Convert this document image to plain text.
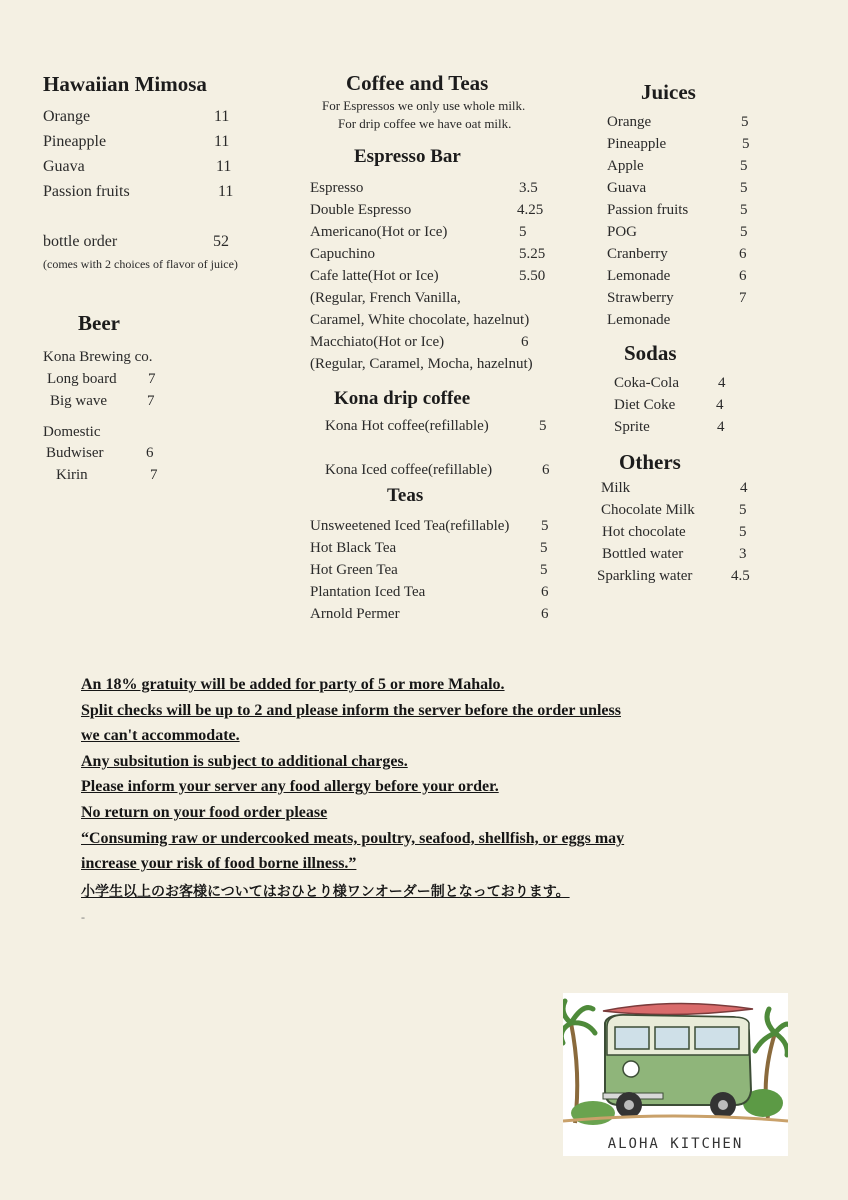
Hawaiian Mimosa
Orange	11
Pineapple	11
Guava	11
Passion fruits	11
bottle order	52
(comes with 2 choices of flavor of juice)
Beer
Kona Brewing co.
Long board 7
Big wave	7
Domestic
Budwiser	6
Kirin	7
Coffee and Teas
For Espressos we only use whole milk.
For drip coffee we have oat milk.
Espresso Bar
Espresso	3.5
Double Espresso	4.25
Americano(Hot or Ice)	5
Capuchino	5.25
Cafe latte(Hot or Ice)	5.50
(Regular, French Vanilla,
Caramel, White chocolate, hazelnut)
Macchiato(Hot or Ice)	6
(Regular, Caramel, Mocha, hazelnut)
Kona drip coffee
Kona Hot coffee(refillable)	5
Kona Iced coffee(refillable)	6
Teas
Unsweetened Iced Tea(refillable) 5
Hot Black Tea	5
Hot Green Tea	5
Plantation Iced Tea	6
Arnold Permer	6
Juices
Orange	5
Pineapple	5
Apple	5
Guava	5
Passion fruits	5
POG	5
Cranberry	6
Lemonade	6
Strawberry	7
Lemonade
Sodas
Coka-Cola	4
Diet Coke	4
Sprite	4
Others
Milk	4
Chocolate Milk	5
Hot chocolate	5
Bottled water	3
Sparkling water	4.5
An 18% gratuity will be added for party of 5 or more Mahalo.
Split checks will be up to 2 and please inform the server before the order unless
we can't accommodate.
Any subsitution is subject to additional charges.
Please inform your server any food allergy before your order.
No return on your food order please
“Consuming raw or undercooked meats, poultry, seafood, shellfish, or eggs may
increase your risk of food borne illness.”
小学生以上のお客様についてはおひとり様ワンオーダー制となっております。
-
ALOHA KITCHEN
